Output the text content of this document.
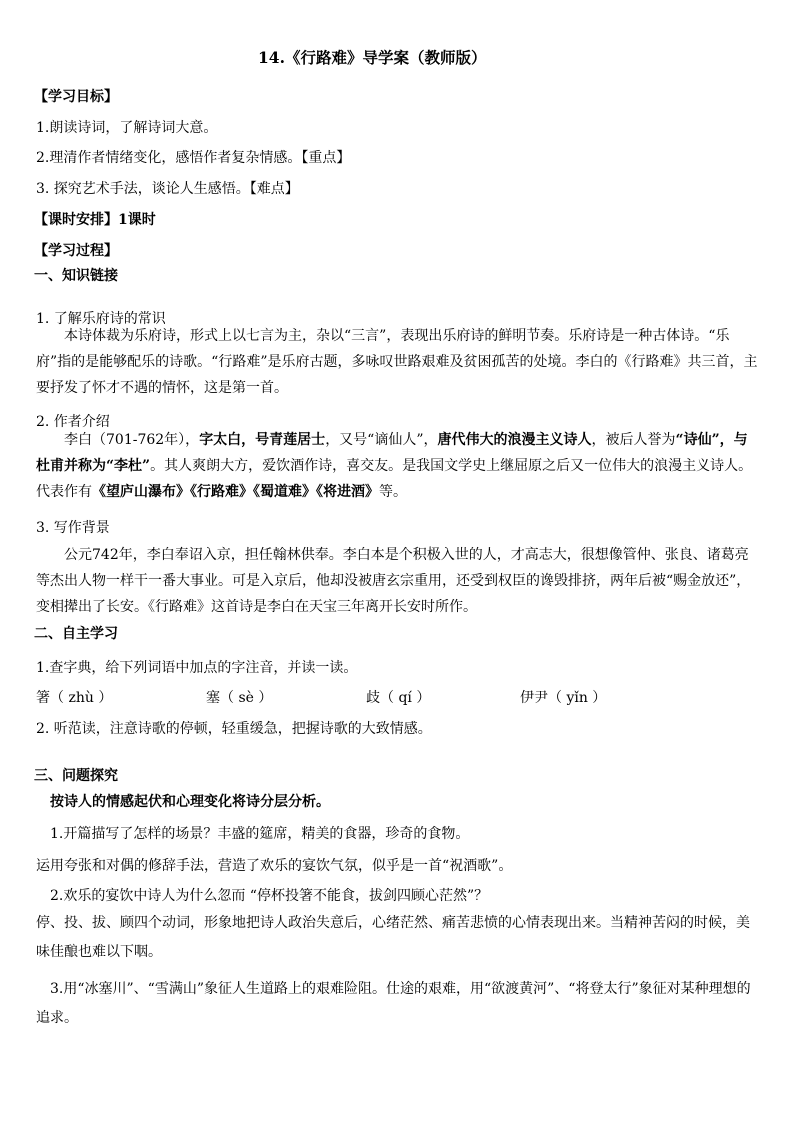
14.《行路难》导学案（教师版）
【学习目标】
1.朗读诗词，了解诗词大意。
2.理清作者情绪变化，感悟作者复杂情感。【重点】
3. 探究艺术手法，谈论人生感悟。【难点】
【课时安排】1课时
【学习过程】
一、知识链接
1. 了解乐府诗的常识
本诗体裁为乐府诗，形式上以七言为主，杂以“三言”，表现出乐府诗的鲜明节奏。乐府诗是一种古体诗。“乐府”指的是能够配乐的诗歌。“行路难”是乐府古题，多咏叹世路艰难及贫困孤苦的处境。李白的《行路难》共三首，主要抒发了怀才不遇的情怀，这是第一首。
2. 作者介绍
李白（701-762年），字太白，号青莲居士，又号“谪仙人”，唐代伟大的浪漫主义诗人，被后人誉为“诗仙”，与杜甫并称为“李杜”。其人爽朗大方，爱饮酒作诗，喜交友。是我国文学史上继屈原之后又一位伟大的浪漫主义诗人。代表作有《望庐山瀑布》《行路难》《蜀道难》《将进酒》等。
3. 写作背景
公元742年，李白奉诏入京，担任翰林供奉。李白本是个积极入世的人，才高志大，很想像管仲、张良、诸葛亮等杰出人物一样干一番大事业。可是入京后，他却没被唐玄宗重用，还受到权臣的谗毁排挤，两年后被“赐金放还”，变相撵出了长安。《行路难》这首诗是李白在天宝三年离开长安时所作。
二、自主学习
1.查字典，给下列词语中加点的字注音，并读一读。
箸（ zhù ）	塞（ sè ）	歧（ qí ）	伊尹（ yǐn ）
2. 听范读，注意诗歌的停顿，轻重缓急，把握诗歌的大致情感。
三、问题探究
按诗人的情感起伏和心理变化将诗分层分析。
1.开篇描写了怎样的场景？丰盛的筵席，精美的食器，珍奇的食物。
运用夸张和对偶的修辞手法，营造了欢乐的宴饮气氛，似乎是一首“祝酒歌”。
2.欢乐的宴饮中诗人为什么忽而 “停杯投箸不能食，拔剑四顾心茫然”？
停、投、拔、顾四个动词，形象地把诗人政治失意后，心绪茫然、痛苦悲愤的心情表现出来。当精神苦闷的时候，美味佳酿也难以下咽。
3.用“冰塞川”、“雪满山”象征人生道路上的艰难险阻。仕途的艰难，用“欲渡黄河”、“将登太行”象征对某种理想的追求。
